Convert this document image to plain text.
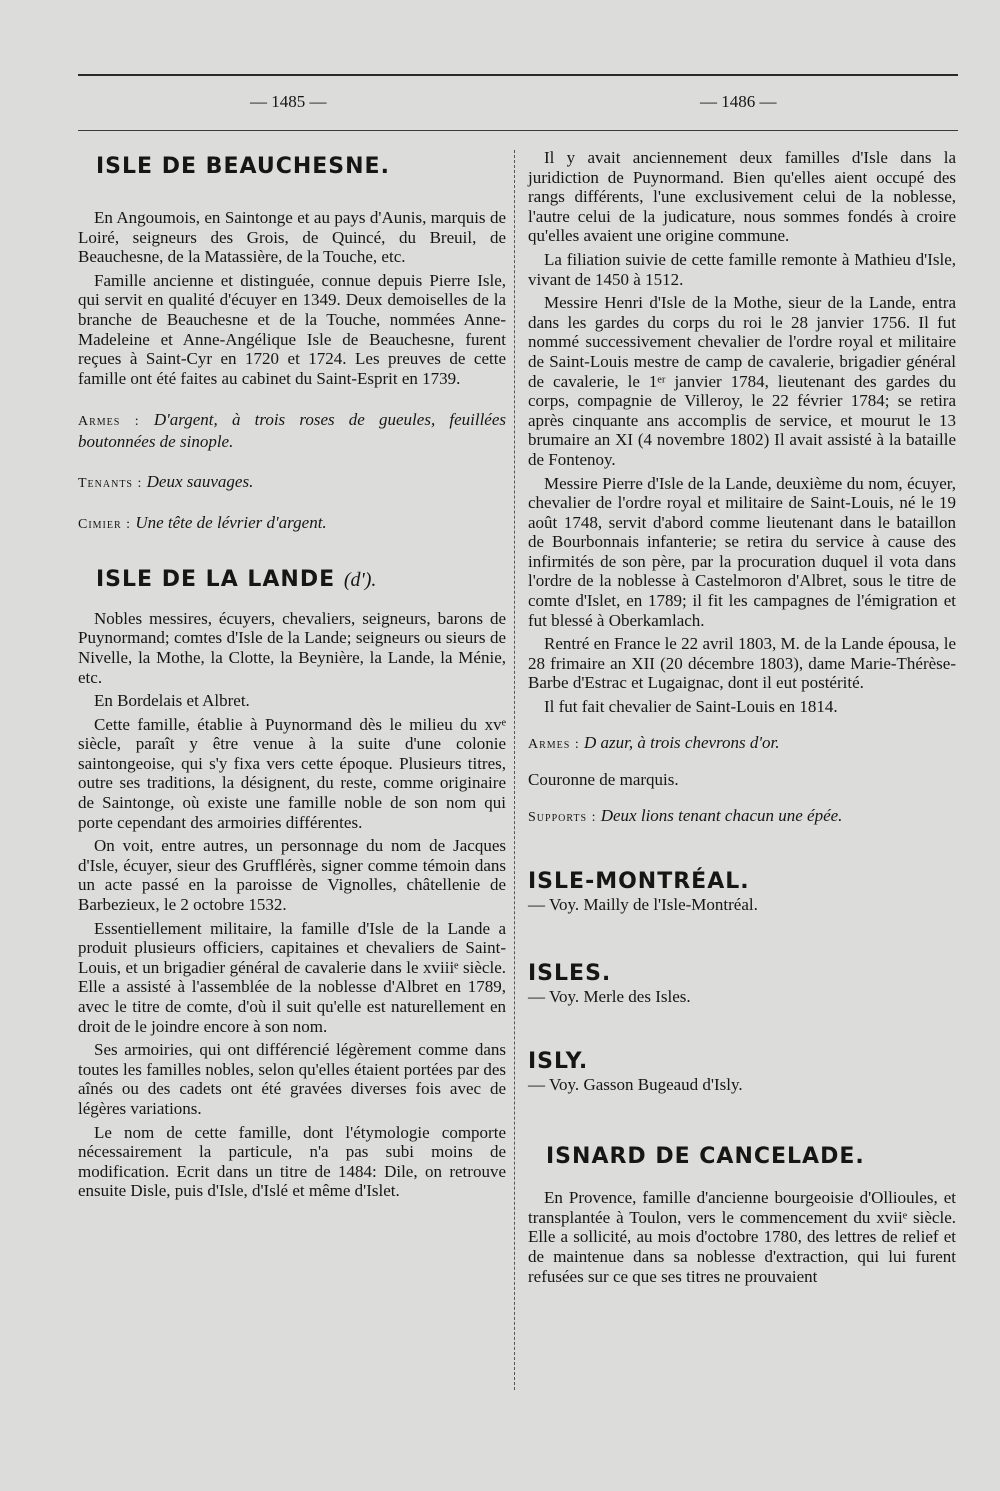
— 1485 —	— 1486 —
ISLE DE BEAUCHESNE.

En Angoumois, en Saintonge et au pays d'Aunis, marquis de Loiré, seigneurs des Grois, de Quincé, du Breuil, de Beauchesne, de la Matassière, de la Touche, etc.

Famille ancienne et distinguée, connue depuis Pierre Isle, qui servit en qualité d'écuyer en 1349. Deux demoiselles de la branche de Beauchesne et de la Touche, nommées Anne-Madeleine et Anne-Angélique Isle de Beauchesne, furent reçues à Saint-Cyr en 1720 et 1724. Les preuves de cette famille ont été faites au cabinet du Saint-Esprit en 1739.

Armes : D'argent, à trois roses de gueules, feuillées boutonnées de sinople.

Tenants : Deux sauvages.

Cimier : Une tête de lévrier d'argent.

ISLE DE LA LANDE (d').

Nobles messires, écuyers, chevaliers, seigneurs, barons de Puynormand; comtes d'Isle de la Lande; seigneurs ou sieurs de Nivelle, la Mothe, la Clotte, la Beynière, la Lande, la Ménie, etc.

En Bordelais et Albret.

Cette famille, établie à Puynormand dès le milieu du xvᵉ siècle, paraît y être venue à la suite d'une colonie saintongeoise, qui s'y fixa vers cette époque. Plusieurs titres, outre ses traditions, la désignent, du reste, comme originaire de Saintonge, où existe une famille noble de son nom qui porte cependant des armoiries différentes.

On voit, entre autres, un personnage du nom de Jacques d'Isle, écuyer, sieur des Grufflérès, signer comme témoin dans un acte passé en la paroisse de Vignolles, châtellenie de Barbezieux, le 2 octobre 1532.

Essentiellement militaire, la famille d'Isle de la Lande a produit plusieurs officiers, capitaines et chevaliers de Saint-Louis, et un brigadier général de cavalerie dans le xviiiᵉ siècle. Elle a assisté à l'assemblée de la noblesse d'Albret en 1789, avec le titre de comte, d'où il suit qu'elle est naturellement en droit de le joindre encore à son nom.

Ses armoiries, qui ont différencié légèrement comme dans toutes les familles nobles, selon qu'elles étaient portées par des aînés ou des cadets ont été gravées diverses fois avec de légères variations.

Le nom de cette famille, dont l'étymologie comporte nécessairement la particule, n'a pas subi moins de modification. Ecrit dans un titre de 1484: Dile, on retrouve ensuite Disle, puis d'Isle, d'Islé et même d'Islet.

Il y avait anciennement deux familles d'Isle dans la juridiction de Puynormand. Bien qu'elles aient occupé des rangs différents, l'une exclusivement celui de la noblesse, l'autre celui de la judicature, nous sommes fondés à croire qu'elles avaient une origine commune.

La filiation suivie de cette famille remonte à Mathieu d'Isle, vivant de 1450 à 1512.

Messire Henri d'Isle de la Mothe, sieur de la Lande, entra dans les gardes du corps du roi le 28 janvier 1756. Il fut nommé successivement chevalier de l'ordre royal et militaire de Saint-Louis mestre de camp de cavalerie, brigadier général de cavalerie, le 1ᵉʳ janvier 1784, lieutenant des gardes du corps, compagnie de Villeroy, le 22 février 1784; se retira après cinquante ans accomplis de service, et mourut le 13 brumaire an XI (4 novembre 1802) Il avait assisté à la bataille de Fontenoy.

Messire Pierre d'Isle de la Lande, deuxième du nom, écuyer, chevalier de l'ordre royal et militaire de Saint-Louis, né le 19 août 1748, servit d'abord comme lieutenant dans le bataillon de Bourbonnais infanterie; se retira du service à cause des infirmités de son père, par la procuration duquel il vota dans l'ordre de la noblesse à Castelmoron d'Albret, sous le titre de comte d'Islet, en 1789; il fit les campagnes de l'émigration et fut blessé à Oberkamlach.

Rentré en France le 22 avril 1803, M. de la Lande épousa, le 28 frimaire an XII (20 décembre 1803), dame Marie-Thérèse-Barbe d'Estrac et Lugaignac, dont il eut postérité.

Il fut fait chevalier de Saint-Louis en 1814.

Armes : D azur, à trois chevrons d'or.

Couronne de marquis.

Supports : Deux lions tenant chacun une épée.

ISLE-MONTRÉAL.
— Voy. Mailly de l'Isle-Montréal.

ISLES.
— Voy. Merle des Isles.

ISLY.
— Voy. Gasson Bugeaud d'Isly.

ISNARD DE CANCELADE.

En Provence, famille d'ancienne bourgeoisie d'Ollioules, et transplantée à Toulon, vers le commencement du xviiᵉ siècle. Elle a sollicité, au mois d'octobre 1780, des lettres de relief et de maintenue dans sa noblesse d'extraction, qui lui furent refusées sur ce que ses titres ne prouvaient
